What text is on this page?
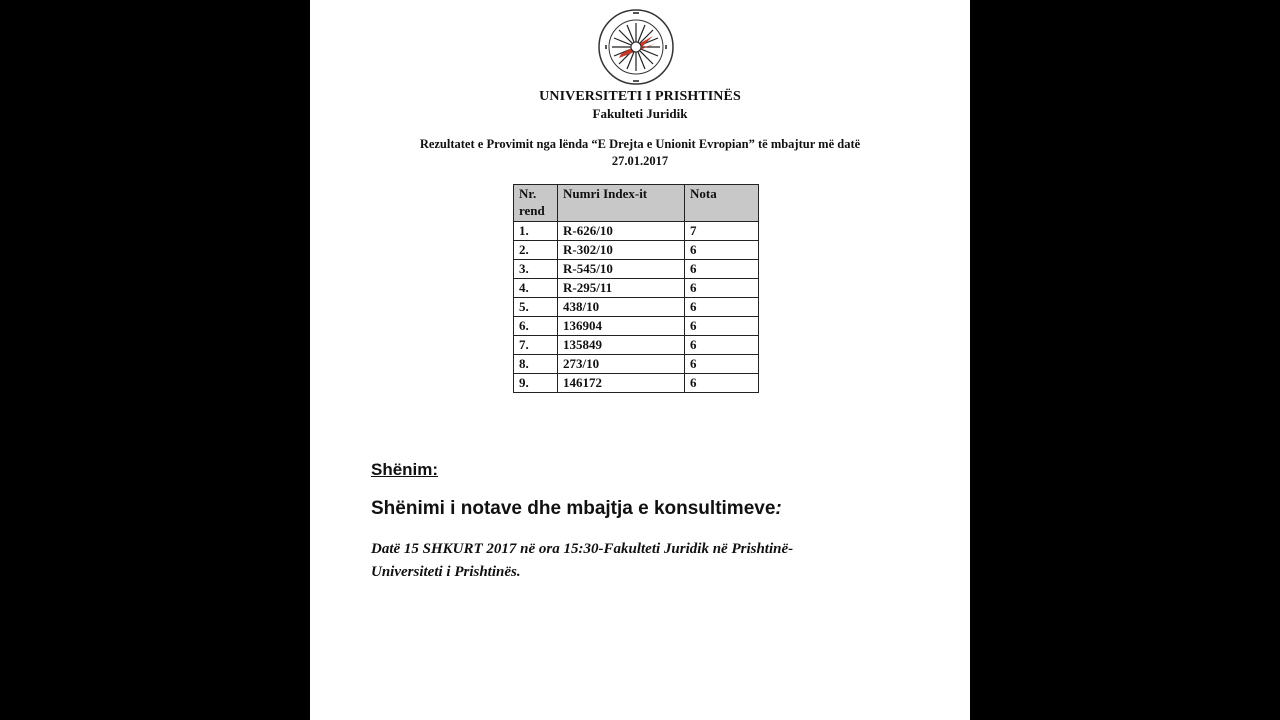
UNIVERSITETI I PRISHTINËS
Fakulteti Juridik
Rezultatet e Provimit nga lënda “E Drejta e Unionit Evropian” të mbajtur më datë
27.01.2017
Nr. rend	Numri Index-it	Nota
1.	R-626/10	7
2.	R-302/10	6
3.	R-545/10	6
4.	R-295/11	6
5.	438/10	6
6.	136904	6
7.	135849	6
8.	273/10	6
9.	146172	6
Shënim:
Shënimi i notave dhe mbajtja e konsultimeve:
Datë 15 SHKURT 2017 në ora 15:30-Fakulteti Juridik në Prishtinë-
Universiteti i Prishtinës.
